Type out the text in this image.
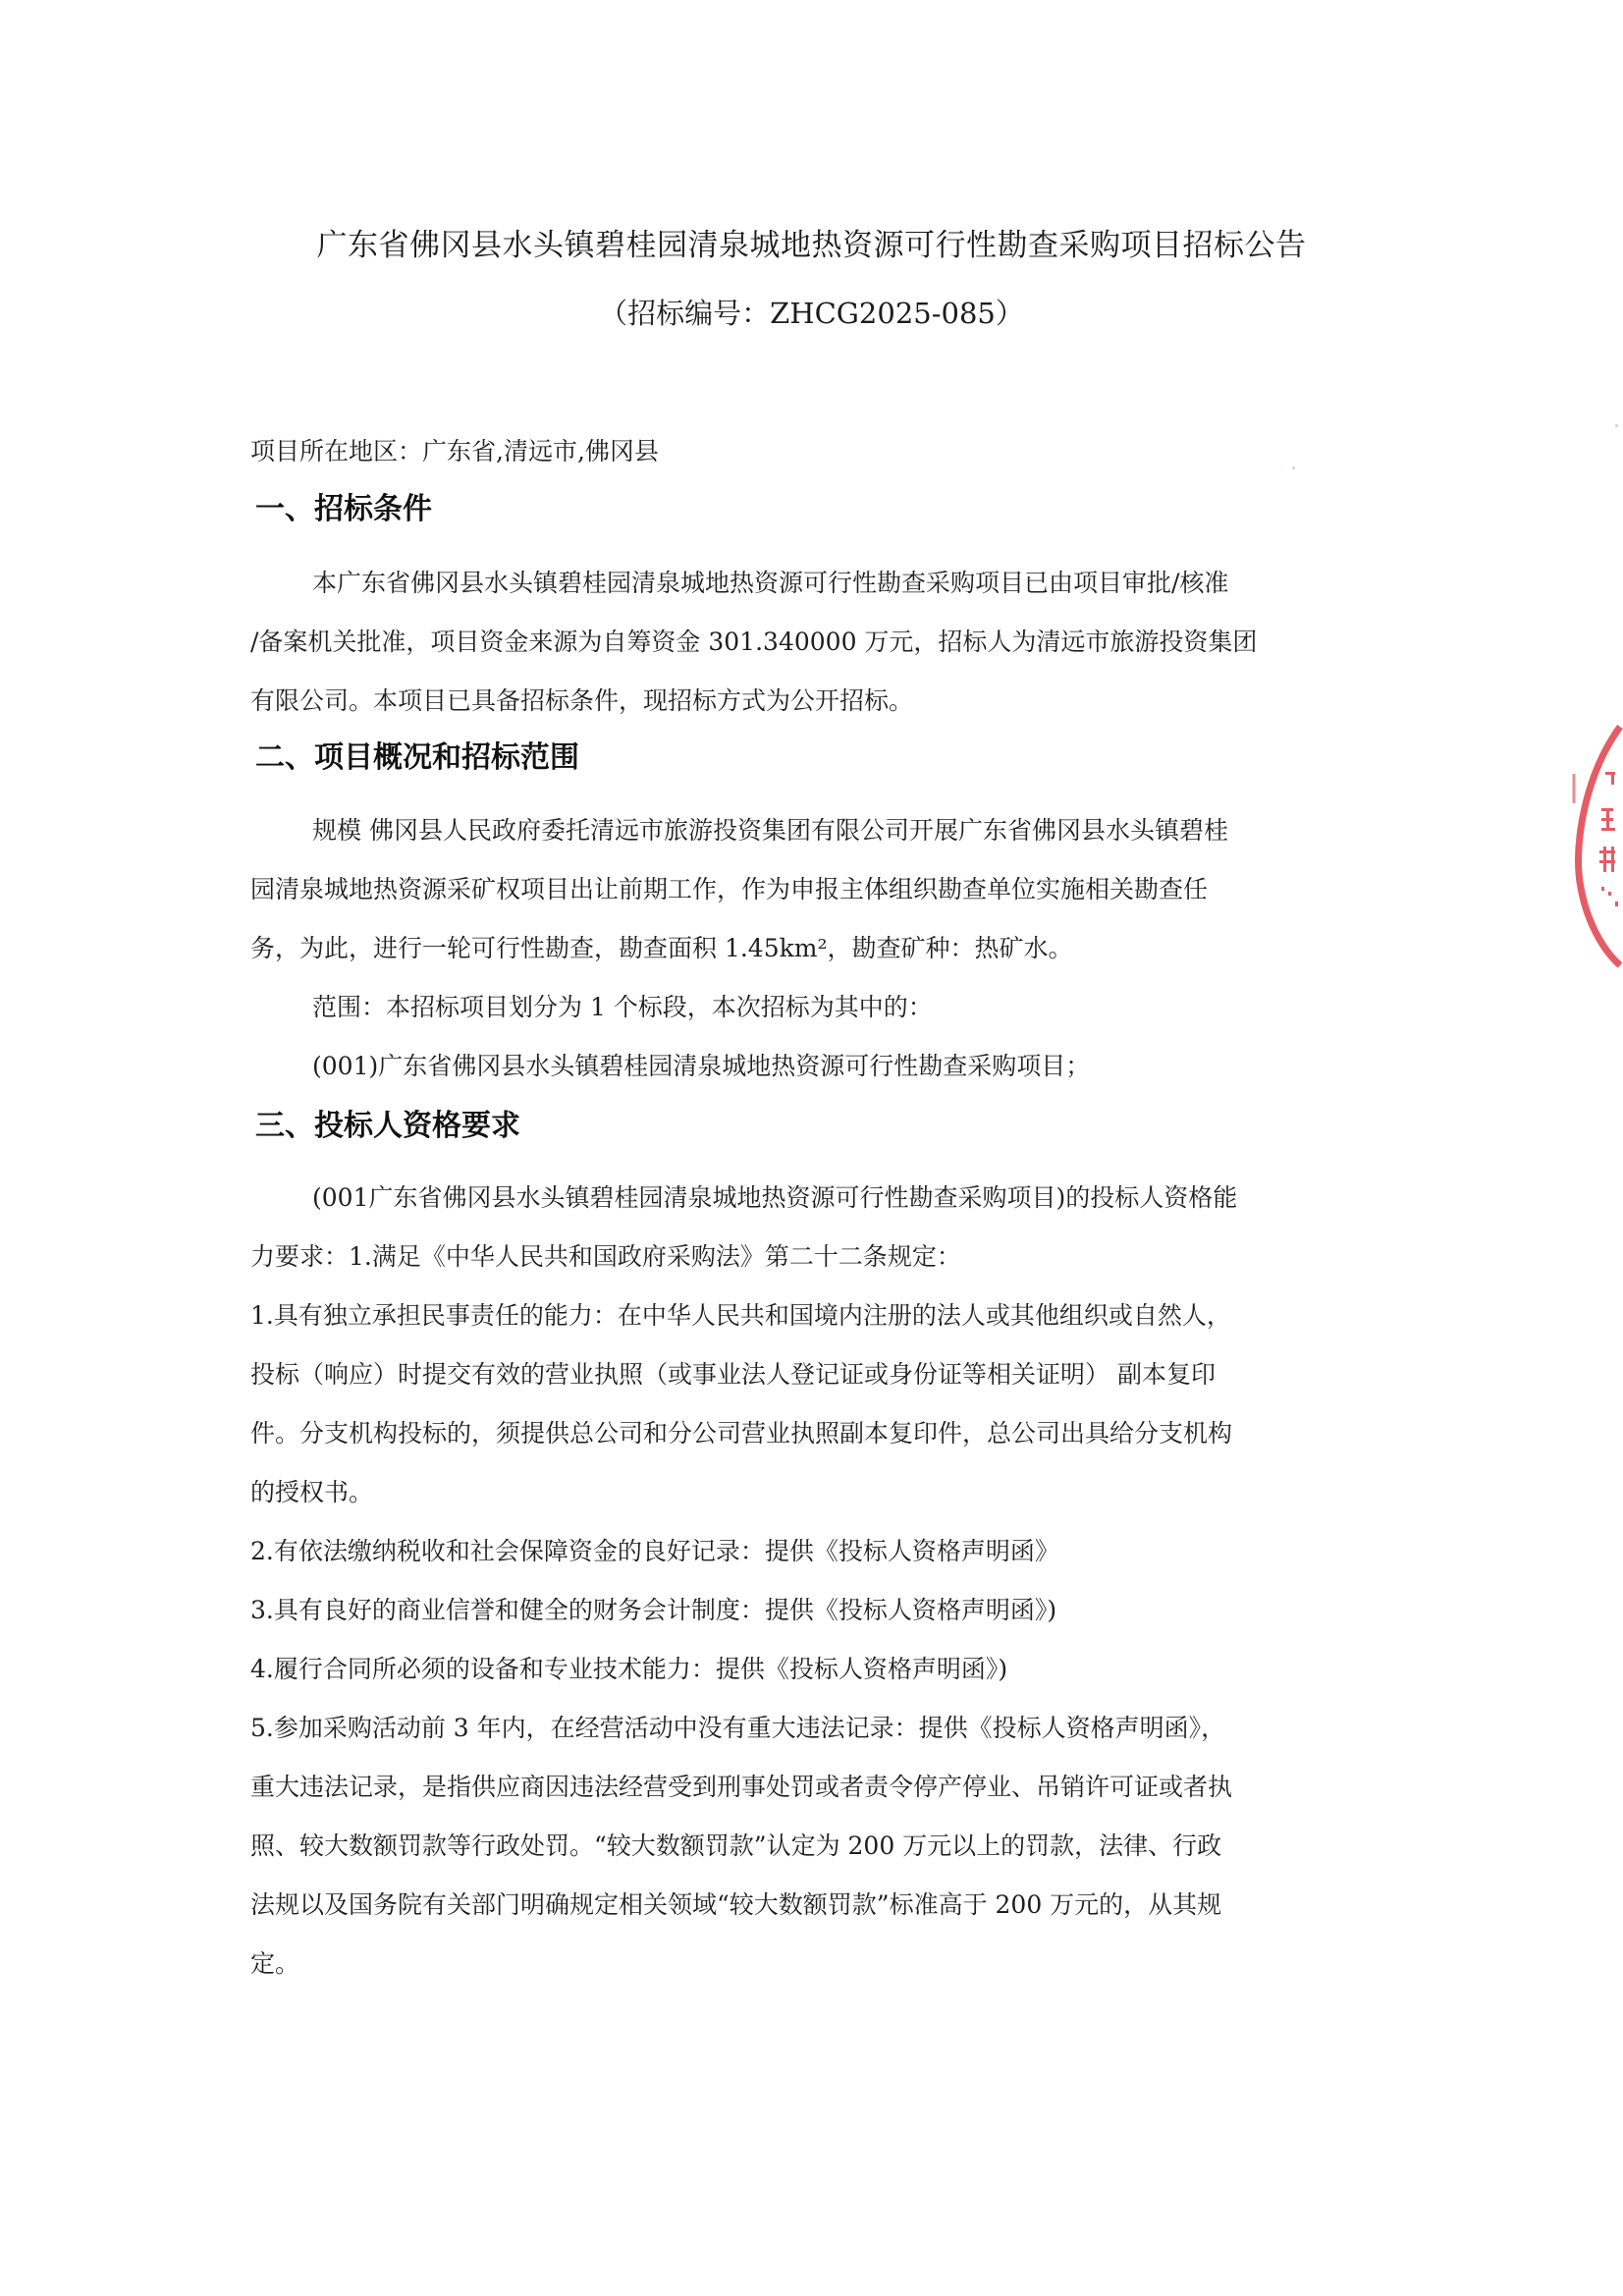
广东省佛冈县水头镇碧桂园清泉城地热资源可行性勘查采购项目招标公告
（招标编号：ZHCG2025-085）
项目所在地区：广东省,清远市,佛冈县
一、招标条件
本广东省佛冈县水头镇碧桂园清泉城地热资源可行性勘查采购项目已由项目审批/核准
/备案机关批准，项目资金来源为自筹资金 301.340000 万元，招标人为清远市旅游投资集团
有限公司。本项目已具备招标条件，现招标方式为公开招标。
二、项目概况和招标范围
规模 佛冈县人民政府委托清远市旅游投资集团有限公司开展广东省佛冈县水头镇碧桂
园清泉城地热资源采矿权项目出让前期工作，作为申报主体组织勘查单位实施相关勘查任
务，为此，进行一轮可行性勘查，勘查面积 1.45km²，勘查矿种：热矿水。
范围：本招标项目划分为 1 个标段，本次招标为其中的：
(001)广东省佛冈县水头镇碧桂园清泉城地热资源可行性勘查采购项目；
三、投标人资格要求
(001广东省佛冈县水头镇碧桂园清泉城地热资源可行性勘查采购项目)的投标人资格能
力要求：1.满足《中华人民共和国政府采购法》第二十二条规定：
1.具有独立承担民事责任的能力：在中华人民共和国境内注册的法人或其他组织或自然人，
投标（响应）时提交有效的营业执照（或事业法人登记证或身份证等相关证明） 副本复印
件。分支机构投标的，须提供总公司和分公司营业执照副本复印件，总公司出具给分支机构
的授权书。
2.有依法缴纳税收和社会保障资金的良好记录：提供《投标人资格声明函》
3.具有良好的商业信誉和健全的财务会计制度：提供《投标人资格声明函》)
4.履行合同所必须的设备和专业技术能力：提供《投标人资格声明函》)
5.参加采购活动前 3 年内，在经营活动中没有重大违法记录：提供《投标人资格声明函》，
重大违法记录，是指供应商因违法经营受到刑事处罚或者责令停产停业、吊销许可证或者执
照、较大数额罚款等行政处罚。“较大数额罚款”认定为 200 万元以上的罚款，法律、行政
法规以及国务院有关部门明确规定相关领域“较大数额罚款”标准高于 200 万元的，从其规
定。
